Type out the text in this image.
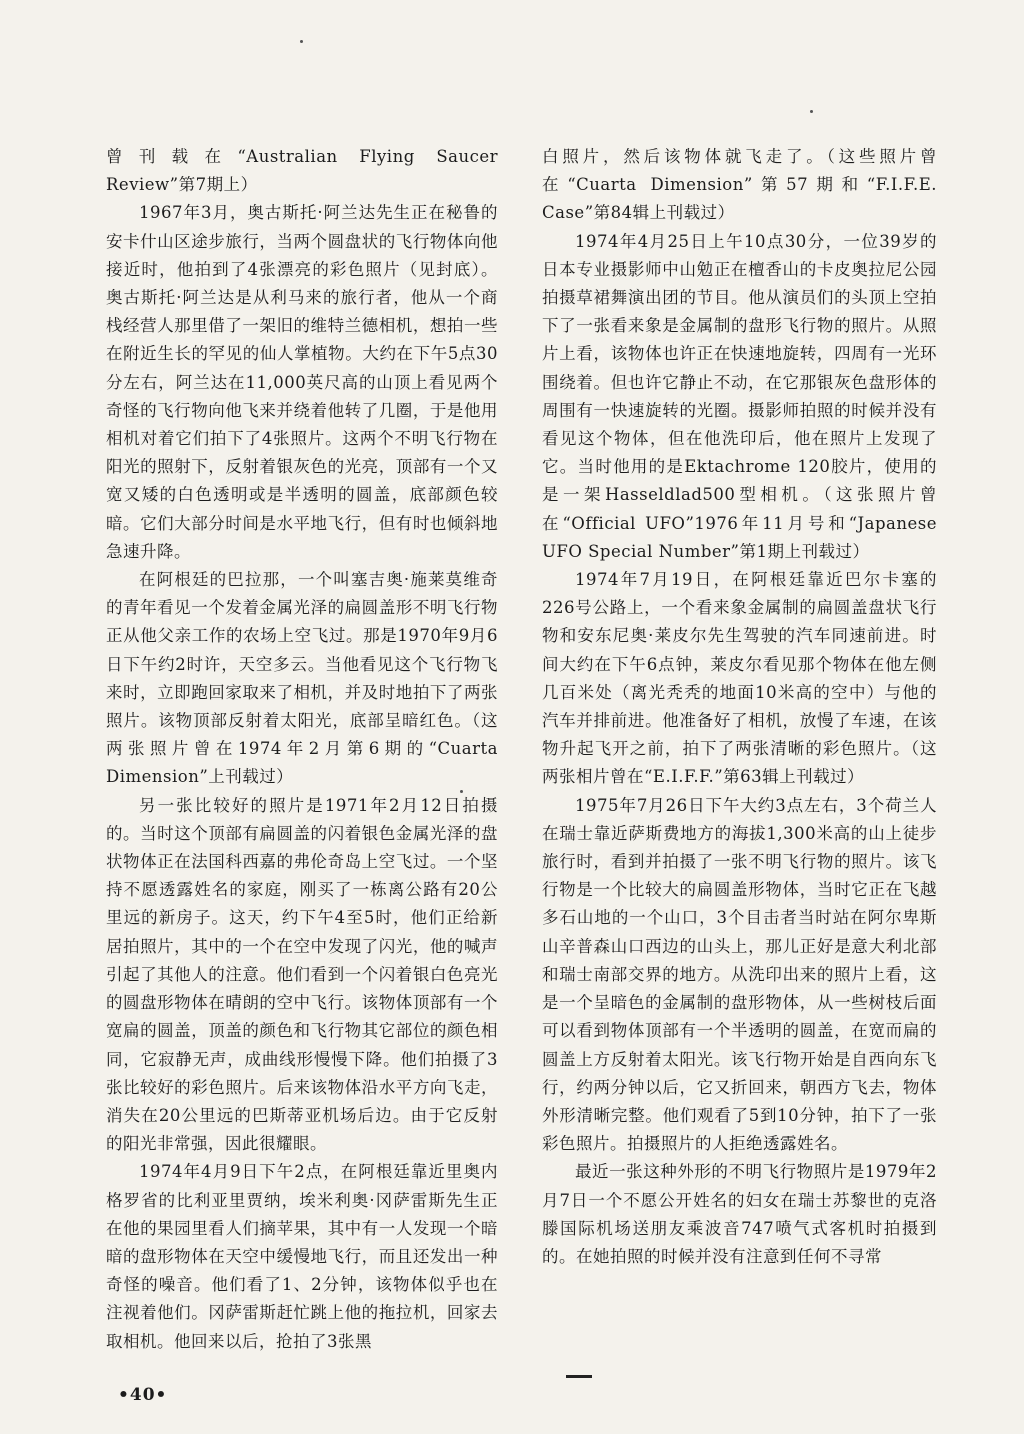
曾刊载在“Australian Flying Saucer Review”第7期上）

1967年3月，奥古斯托·阿兰达先生正在秘鲁的安卡什山区途步旅行，当两个圆盘状的飞行物体向他接近时，他拍到了4张漂亮的彩色照片（见封底）。奥古斯托·阿兰达是从利马来的旅行者，他从一个商栈经营人那里借了一架旧的维特兰德相机，想拍一些在附近生长的罕见的仙人掌植物。大约在下午5点30分左右，阿兰达在11,000英尺高的山顶上看见两个奇怪的飞行物向他飞来并绕着他转了几圈，于是他用相机对着它们拍下了4张照片。这两个不明飞行物在阳光的照射下，反射着银灰色的光亮，顶部有一个又宽又矮的白色透明或是半透明的圆盖，底部颜色较暗。它们大部分时间是水平地飞行，但有时也倾斜地急速升降。

在阿根廷的巴拉那，一个叫塞吉奥·施莱莫维奇的青年看见一个发着金属光泽的扁圆盖形不明飞行物正从他父亲工作的农场上空飞过。那是1970年9月6日下午约2时许，天空多云。当他看见这个飞行物飞来时，立即跑回家取来了相机，并及时地拍下了两张照片。该物顶部反射着太阳光，底部呈暗红色。（这两张照片曾在1974年2月第6期的“Cuarta Dimension”上刊载过）

另一张比较好的照片是1971年2月12日拍摄的。当时这个顶部有扁圆盖的闪着银色金属光泽的盘状物体正在法国科西嘉的弗伦奇岛上空飞过。一个坚持不愿透露姓名的家庭，刚买了一栋离公路有20公里远的新房子。这天，约下午4至5时，他们正给新居拍照片，其中的一个在空中发现了闪光，他的喊声引起了其他人的注意。他们看到一个闪着银白色亮光的圆盘形物体在晴朗的空中飞行。该物体顶部有一个宽扁的圆盖，顶盖的颜色和飞行物其它部位的颜色相同，它寂静无声，成曲线形慢慢下降。他们拍摄了3张比较好的彩色照片。后来该物体沿水平方向飞走，消失在20公里远的巴斯蒂亚机场后边。由于它反射的阳光非常强，因此很耀眼。

1974年4月9日下午2点，在阿根廷靠近里奥内格罗省的比利亚里贾纳，埃米利奥·冈萨雷斯先生正在他的果园里看人们摘苹果，其中有一人发现一个暗暗的盘形物体在天空中缓慢地飞行，而且还发出一种奇怪的噪音。他们看了1、2分钟，该物体似乎也在注视着他们。冈萨雷斯赶忙跳上他的拖拉机，回家去取相机。他回来以后，抢拍了3张黑

白照片，然后该物体就飞走了。（这些照片曾在“Cuarta Dimension”第57期和“F.I.F.E. Case”第84辑上刊载过）

1974年4月25日上午10点30分，一位39岁的日本专业摄影师中山勉正在檀香山的卡皮奥拉尼公园拍摄草裙舞演出团的节目。他从演员们的头顶上空拍下了一张看来象是金属制的盘形飞行物的照片。从照片上看，该物体也许正在快速地旋转，四周有一光环围绕着。但也许它静止不动，在它那银灰色盘形体的周围有一快速旋转的光圈。摄影师拍照的时候并没有看见这个物体，但在他洗印后，他在照片上发现了它。当时他用的是Ektachrome 120胶片，使用的是一架Hasseldlad500型相机。（这张照片曾在“Official UFO”1976年11月号和“Japanese UFO Special Number”第1期上刊载过）

1974年7月19日，在阿根廷靠近巴尔卡塞的226号公路上，一个看来象金属制的扁圆盖盘状飞行物和安东尼奥·莱皮尔先生驾驶的汽车同速前进。时间大约在下午6点钟，莱皮尔看见那个物体在他左侧几百米处（离光秃秃的地面10米高的空中）与他的汽车并排前进。他准备好了相机，放慢了车速，在该物升起飞开之前，拍下了两张清晰的彩色照片。（这两张相片曾在“E.I.F.F.”第63辑上刊载过）

1975年7月26日下午大约3点左右，3个荷兰人在瑞士靠近萨斯费地方的海拔1,300米高的山上徒步旅行时，看到并拍摄了一张不明飞行物的照片。该飞行物是一个比较大的扁圆盖形物体，当时它正在飞越多石山地的一个山口，3个目击者当时站在阿尔卑斯山辛普森山口西边的山头上，那儿正好是意大利北部和瑞士南部交界的地方。从洗印出来的照片上看，这是一个呈暗色的金属制的盘形物体，从一些树枝后面可以看到物体顶部有一个半透明的圆盖，在宽而扁的圆盖上方反射着太阳光。该飞行物开始是自西向东飞行，约两分钟以后，它又折回来，朝西方飞去，物体外形清晰完整。他们观看了5到10分钟，拍下了一张彩色照片。拍摄照片的人拒绝透露姓名。

最近一张这种外形的不明飞行物照片是1979年2月7日一个不愿公开姓名的妇女在瑞士苏黎世的克洛滕国际机场送朋友乘波音747喷气式客机时拍摄到的。在她拍照的时候并没有注意到任何不寻常

•40•
